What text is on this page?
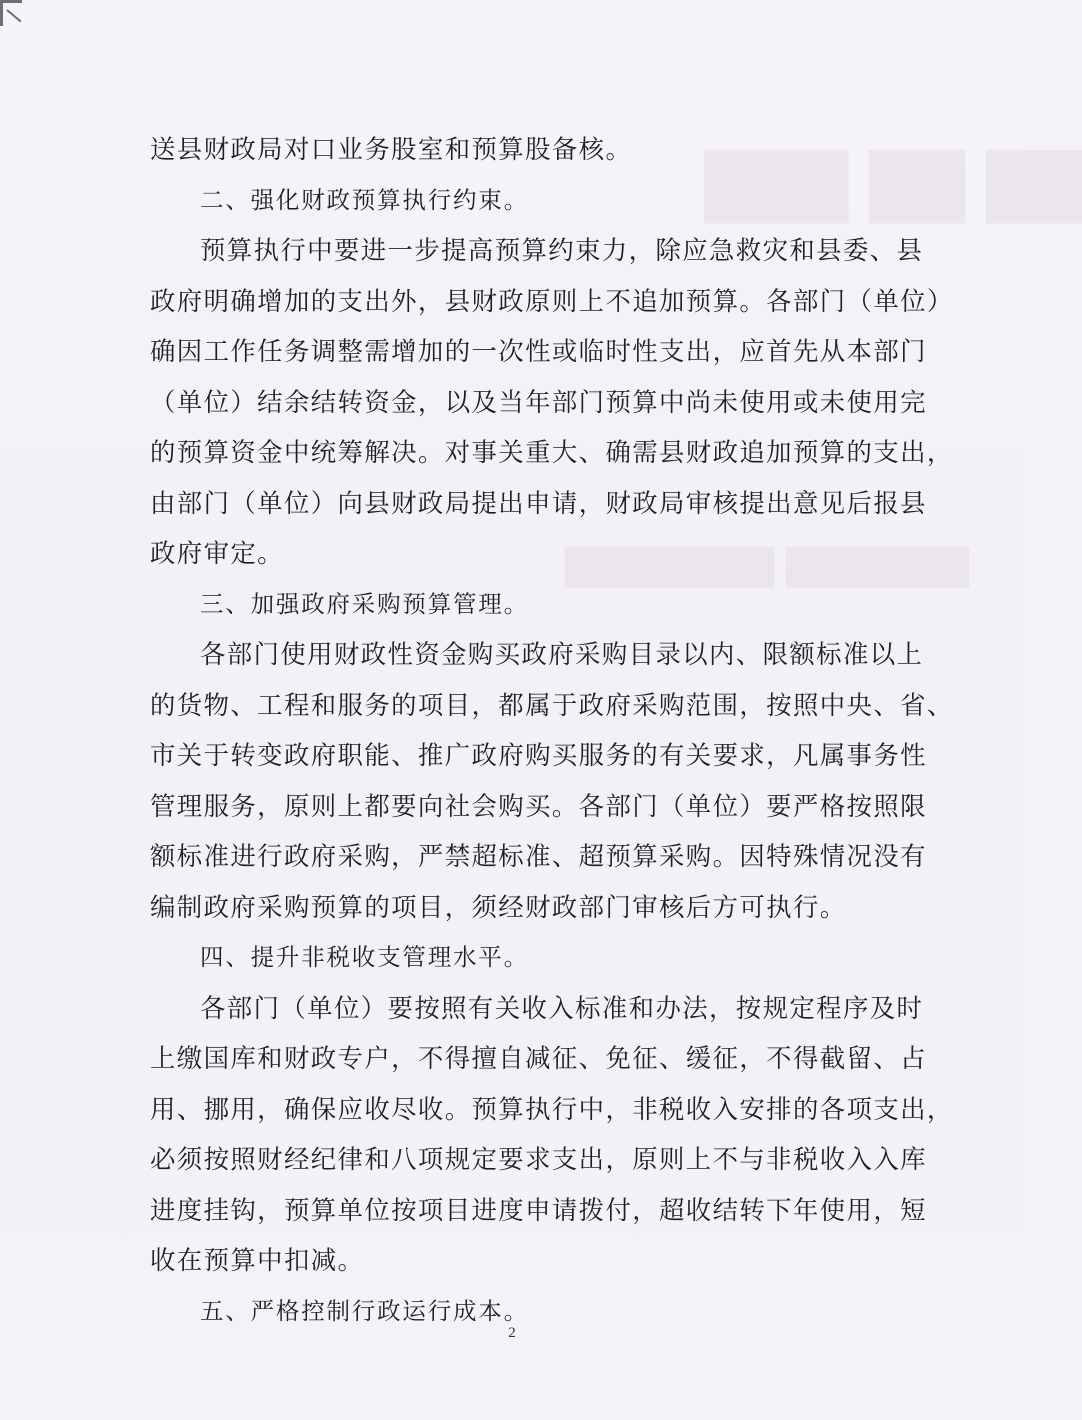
██ ██ ███
███████ ████████
送县财政局对口业务股室和预算股备核。
二、强化财政预算执行约束。
预算执行中要进一步提高预算约束力，除应急救灾和县委、县
政府明确增加的支出外，县财政原则上不追加预算。各部门（单位）
确因工作任务调整需增加的一次性或临时性支出，应首先从本部门
（单位）结余结转资金，以及当年部门预算中尚未使用或未使用完
的预算资金中统筹解决。对事关重大、确需县财政追加预算的支出，
由部门（单位）向县财政局提出申请，财政局审核提出意见后报县
政府审定。
三、加强政府采购预算管理。
各部门使用财政性资金购买政府采购目录以内、限额标准以上
的货物、工程和服务的项目，都属于政府采购范围，按照中央、省、
市关于转变政府职能、推广政府购买服务的有关要求，凡属事务性
管理服务，原则上都要向社会购买。各部门（单位）要严格按照限
额标准进行政府采购，严禁超标准、超预算采购。因特殊情况没有
编制政府采购预算的项目，须经财政部门审核后方可执行。
四、提升非税收支管理水平。
各部门（单位）要按照有关收入标准和办法，按规定程序及时
上缴国库和财政专户，不得擅自减征、免征、缓征，不得截留、占
用、挪用，确保应收尽收。预算执行中，非税收入安排的各项支出，
必须按照财经纪律和八项规定要求支出，原则上不与非税收入入库
进度挂钩，预算单位按项目进度申请拨付，超收结转下年使用，短
收在预算中扣减。
五、严格控制行政运行成本。
2
